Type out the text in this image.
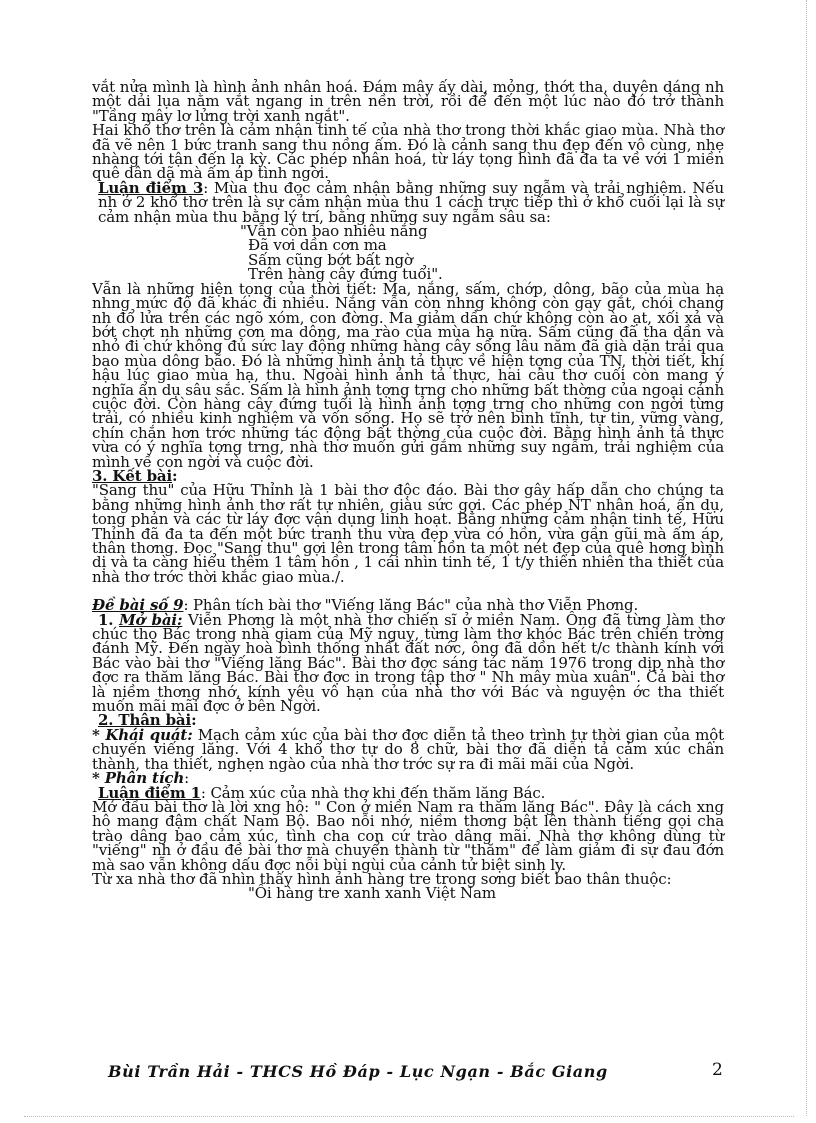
vắt nửa mình là hình ảnh nhân hoá. Đám mây ấy dài, mỏng, thớt tha, duyên dáng nh một dải lụa nằm vắt ngang in trên nền trời, rồi để đến một lúc nào đó trở thành "Tầng mây lơ lửng trời xanh ngắt".

Hai khổ thơ trên là cảm nhận tinh tế của nhà thơ trong thời khắc giao mùa. Nhà thơ đã vẽ nên 1 bức tranh sang thu nồng ấm. Đó là cảnh sang thu đẹp đến vô cùng, nhẹ nhàng tới tận đến lạ kỳ. Các phép nhân hoá, từ láy tọng hình đã đa ta về với 1 miền quê dân dã mà ấm áp tình ngời.

Luận điểm 3: Mùa thu đọc cảm nhận bằng những suy ngẫm và trải nghiệm. Nếu nh ở 2 khổ thơ trên là sự cảm nhận mùa thu 1 cách trực tiếp thì ở khổ cuối lại là sự cảm nhận mùa thu bằng lý trí, bằng những suy ngẫm sâu sa:

"Vẫn còn bao nhiêu nắng
Đã vơi dần cơn ma
Sấm cũng bớt bất ngờ
Trên hàng cây đứng tuổi".

Vẫn là những hiện tọng của thời tiết: Ma, nắng, sấm, chớp, dông, bão của mùa hạ nhng mức độ đã khác đi nhiều. Nắng vẫn còn nhng không còn gay gắt, chói chang nh đổ lửa trên các ngõ xóm, con đờng. Ma giảm dần chứ không còn ào ạt, xối xả và bớt chợt nh những cơn ma dông, ma rào của mùa hạ nữa. Sấm cũng đã tha dần và nhỏ đi chứ không đủ sức lay động những hàng cây sống lâu năm đã già dặn trải qua bao mùa dông bão. Đó là những hình ảnh tả thực về hiện tợng của TN, thời tiết, khí hậu lúc giao mùa hạ, thu. Ngoài hình ảnh tả thực, hai câu thơ cuối còn mang ý nghĩa ẩn dụ sâu sắc. Sấm là hình ảnh tợng trng cho những bất thờng của ngoại cảnh cuộc đời. Còn hàng cây đứng tuổi là hình ảnh tợng trng cho những con ngời từng trải, có nhiều kinh nghiệm và vốn sống. Họ sẽ trở nên bình tĩnh, tự tin, vững vàng, chín chắn hơn trớc những tác động bất thờng của cuộc đời. Bằng hình ảnh tả thực vừa có ý nghĩa tợng trng, nhà thơ muốn gửi gắm những suy ngẫm, trải nghiệm của mình về con ngời và cuộc đời.

3. Kết bài:

"Sang thu" của Hữu Thỉnh là 1 bài thơ độc đáo. Bài thơ gây hấp dẫn cho chúng ta bằng những hình ảnh thơ rất tự nhiên, giàu sức gợi. Các phép NT nhân hoá, ẩn dụ, tong phản và các từ láy đợc vận dụng linh hoạt. Bằng những cảm nhận tinh tế, Hữu Thỉnh đã đa ta đến một bức tranh thu vừa đẹp vừa có hồn, vừa gần gũi mà ấm áp, thân thơng. Đọc "Sang thu" gợi lên trong tâm hồn ta một nét đẹp của quê hơng bình dị và ta càng hiểu thêm 1 tâm hồn , 1 cái nhìn tinh tế, 1 t/y thiên nhiên tha thiết của nhà thơ trớc thời khắc giao mùa./.

Đề bài số 9: Phân tích bài thơ "Viếng lăng Bác" của nhà thơ Viễn Phơng.

1. Mở bài: Viễn Phơng là một nhà thơ chiến sĩ ở miền Nam. Ông đã từng làm thơ chúc thọ Bác trong nhà giam của Mỹ nguỵ, từng làm thơ khóc Bác trên chiến trờng đánh Mỹ. Đến ngày hoà bình thống nhất đất nớc, ông đã dồn hết t/c thành kính với Bác vào bài thơ "Viếng lăng Bác". Bài thơ đợc sáng tác năm 1976 trong dịp nhà thơ đợc ra thăm lăng Bác. Bài thơ đợc in trong tập thơ " Nh mây mùa xuân". Cả bài thơ là niềm thơng nhớ, kính yêu vô hạn của nhà thơ với Bác và nguyện ớc tha thiết muốn mãi mãi đợc ở bên Ngời.

2. Thân bài:

* Khái quát: Mạch cảm xúc của bài thơ đợc diễn tả theo trình tự thời gian của một chuyến viếng lăng. Với 4 khổ thơ tự do 8 chữ, bài thơ đã diễn tả cảm xúc chân thành, tha thiết, nghẹn ngào của nhà thơ trớc sự ra đi mãi mãi của Ngời.

* Phân tích:

Luận điểm 1: Cảm xúc của nhà thơ khi đến thăm lăng Bác.

Mở đầu bài thơ là lời xng hô: " Con ở miền Nam ra thăm lăng Bác". Đây là cách xng hô mang đậm chất Nam Bộ. Bao nỗi nhớ, niềm thơng bật lên thành tiếng gọi cha trào dâng bao cảm xúc, tình cha con cứ trào dâng mãi. Nhà thơ không dùng từ "viếng" nh ở đầu đề bài thơ mà chuyển thành từ "thăm" để làm giảm đi sự đau đớn mà sao vẫn không dấu đợc nỗi bùi ngùi của cảnh tử biệt sinh ly.

Từ xa nhà thơ đã nhìn thấy hình ảnh hàng tre trong sơng biết bao thân thuộc:

"Ôi hàng tre xanh xanh Việt Nam
Bùi Trần Hải - THCS Hồ Đáp - Lục Ngạn - Bắc Giang	2
